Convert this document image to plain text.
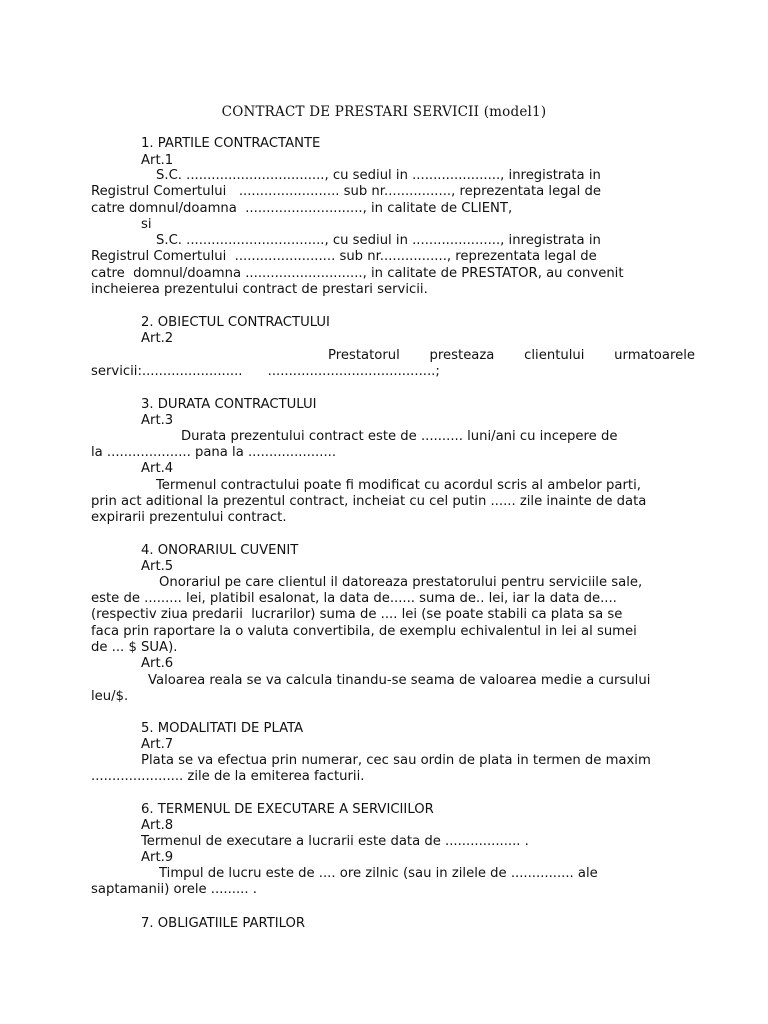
CONTRACT DE PRESTARI SERVICII (model1)

1. PARTILE CONTRACTANTE

Art.1

S.C. ................................., cu sediul in ....................., inregistrata in

Registrul Comertului   ........................ sub nr................, reprezentata legal de

catre domnul/doamna  ............................, in calitate de CLIENT,

si

S.C. ................................., cu sediul in ....................., inregistrata in

Registrul Comertului  ........................ sub nr................, reprezentata legal de

catre  domnul/doamna ............................, in calitate de PRESTATOR, au convenit

incheierea prezentului contract de prestari servicii.

2. OBIECTUL CONTRACTULUI

Art.2

Prestatorul presteaza clientului urmatoarele

servicii:........................      ........................................;

3. DURATA CONTRACTULUI

Art.3

Durata prezentului contract este de .......... luni/ani cu incepere de

la .................... pana la .....................

Art.4

Termenul contractului poate fi modificat cu acordul scris al ambelor parti,

prin act aditional la prezentul contract, incheiat cu cel putin ...... zile inainte de data

expirarii prezentului contract.

4. ONORARIUL CUVENIT

Art.5

Onorariul pe care clientul il datoreaza prestatorului pentru serviciile sale,

este de ......... lei, platibil esalonat, la data de...... suma de.. lei, iar la data de....

(respectiv ziua predarii  lucrarilor) suma de .... lei (se poate stabili ca plata sa se

faca prin raportare la o valuta convertibila, de exemplu echivalentul in lei al sumei

de ... $ SUA).

Art.6

Valoarea reala se va calcula tinandu-se seama de valoarea medie a cursului

leu/$.

5. MODALITATI DE PLATA

Art.7

Plata se va efectua prin numerar, cec sau ordin de plata in termen de maxim

...................... zile de la emiterea facturii.

6. TERMENUL DE EXECUTARE A SERVICIILOR

Art.8

Termenul de executare a lucrarii este data de .................. .

Art.9

Timpul de lucru este de .... ore zilnic (sau in zilele de ............... ale

saptamanii) orele ......... .

7. OBLIGATIILE PARTILOR
